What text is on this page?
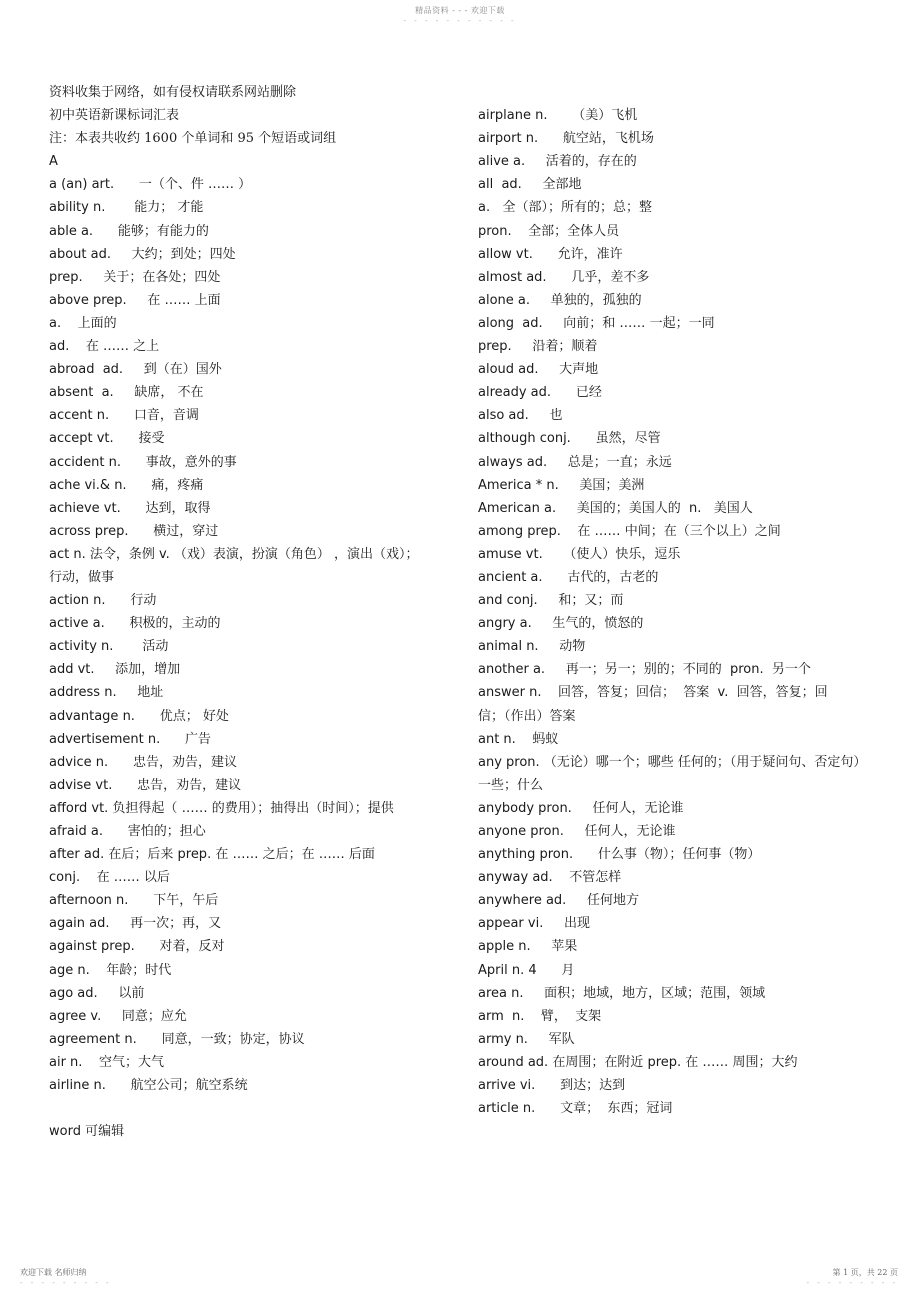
精品资料 - - - 欢迎下载
- - - - - - - - - - -
资料收集于网络，如有侵权请联系网站删除
初中英语新课标词汇表
注：本表共收约 1600 个单词和 95 个短语或词组
A
a (an) art.      一（个、件 …… ）
ability n.       能力； 才能
able a.      能够；有能力的
about ad.     大约；到处；四处
prep.     关于；在各处；四处
above prep.     在 …… 上面
a.    上面的
ad.    在 …… 之上
abroad  ad.     到（在）国外
absent  a.     缺席， 不在
accent n.      口音，音调
accept vt.      接受
accident n.      事故，意外的事
ache vi.& n.      痛，疼痛
achieve vt.      达到，取得
across prep.      横过，穿过
act n. 法令，条例 v. （戏）表演，扮演（角色） ，演出（戏）；
行动，做事
action n.      行动
active a.      积极的，主动的
activity n.       活动
add vt.     添加，增加
address n.     地址
advantage n.      优点； 好处
advertisement n.      广告
advice n.      忠告，劝告，建议
advise vt.      忠告，劝告，建议
afford vt. 负担得起（ …… 的费用）；抽得出（时间）；提供
afraid a.      害怕的；担心
after ad. 在后；后来 prep. 在 …… 之后；在 …… 后面
conj.    在 …… 以后
afternoon n.      下午，午后
again ad.     再一次；再，又
against prep.      对着，反对
age n.    年龄；时代
ago ad.     以前
agree v.     同意；应允
agreement n.      同意，一致；协定，协议
air n.    空气；大气
airline n.      航空公司；航空系统
word 可编辑
airplane n.      （美）飞机
airport n.      航空站，飞机场
alive a.     活着的，存在的
all  ad.     全部地
a.   全（部）；所有的；总；整
pron.    全部；全体人员
allow vt.      允许，准许
almost ad.      几乎，差不多
alone a.     单独的，孤独的
along  ad.     向前；和 …… 一起；一同
prep.     沿着；顺着
aloud ad.     大声地
already ad.      已经
also ad.     也
although conj.      虽然，尽管
always ad.     总是；一直；永远
America * n.     美国；美洲
American a.     美国的；美国人的  n.   美国人
among prep.    在 …… 中间；在（三个以上）之间
amuse vt.     （使人）快乐，逗乐
ancient a.      古代的，古老的
and conj.     和；又；而
angry a.     生气的，愤怒的
animal n.     动物
another a.     再一；另一；别的；不同的  pron.  另一个
answer n.    回答，答复；回信；  答案  v.  回答，答复；回
信；（作出）答案
ant n.    蚂蚁
any pron. （无论）哪一个；哪些 任何的；（用于疑问句、否定句）一些；什么
anybody pron.     任何人，无论谁
anyone pron.     任何人，无论谁
anything pron.      什么事（物）；任何事（物）
anyway ad.    不管怎样
anywhere ad.     任何地方
appear vi.     出现
apple n.     苹果
April n. 4      月
area n.     面积；地域，地方，区域；范围，领域
arm  n.    臂，  支架
army n.     军队
around ad. 在周围；在附近 prep. 在 …… 周围；大约
arrive vi.      到达；达到
article n.      文章；  东西；冠词
欢迎下载 名师归纳
- - - - - - - - -
第 1 页，共 22 页
- - - - - - - - -
